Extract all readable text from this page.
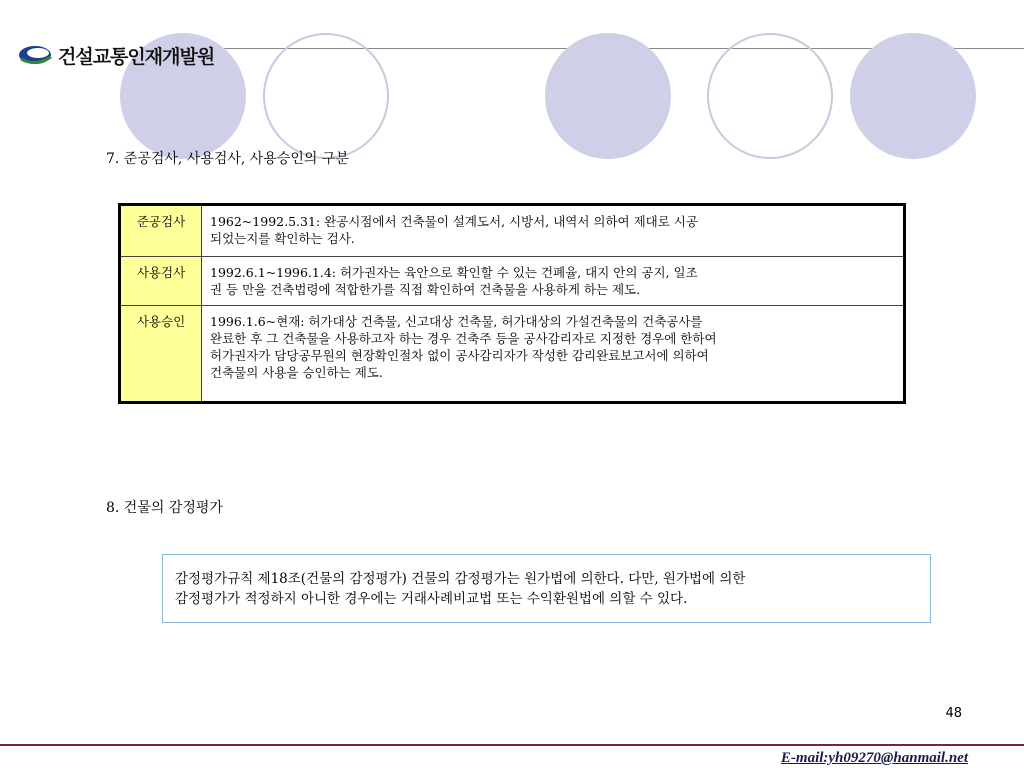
건설교통인재개발원
7. 준공검사, 사용검사, 사용승인의 구분
준공검사	1962~1992.5.31: 완공시점에서 건축물이 설계도서, 시방서, 내역서 의하여 제대로 시공
되었는지를 확인하는 검사.

사용검사	1992.6.1~1996.1.4: 허가권자는 육안으로 확인할 수 있는 건폐율, 대지 안의 공지, 일조
권 등 만을 건축법령에 적합한가를 직접 확인하여 건축물을 사용하게 하는 제도.

사용승인	1996.1.6~현재: 허가대상 건축물, 신고대상 건축물, 허가대상의 가설건축물의 건축공사를
완료한 후 그 건축물을 사용하고자 하는 경우 건축주 등을 공사감리자로 지정한 경우에 한하여
허가권자가 담당공무원의 현장확인절차 없이 공사감리자가 작성한 감리완료보고서에 의하여
건축물의 사용을 승인하는 제도.
8. 건물의 감정평가
감정평가규칙 제18조(건물의 감정평가) 건물의 감정평가는 원가법에 의한다. 다만, 원가법에 의한
감정평가가 적정하지 아니한 경우에는 거래사례비교법 또는 수익환원법에 의할 수 있다.
48
E-mail:yh09270@hanmail.net
